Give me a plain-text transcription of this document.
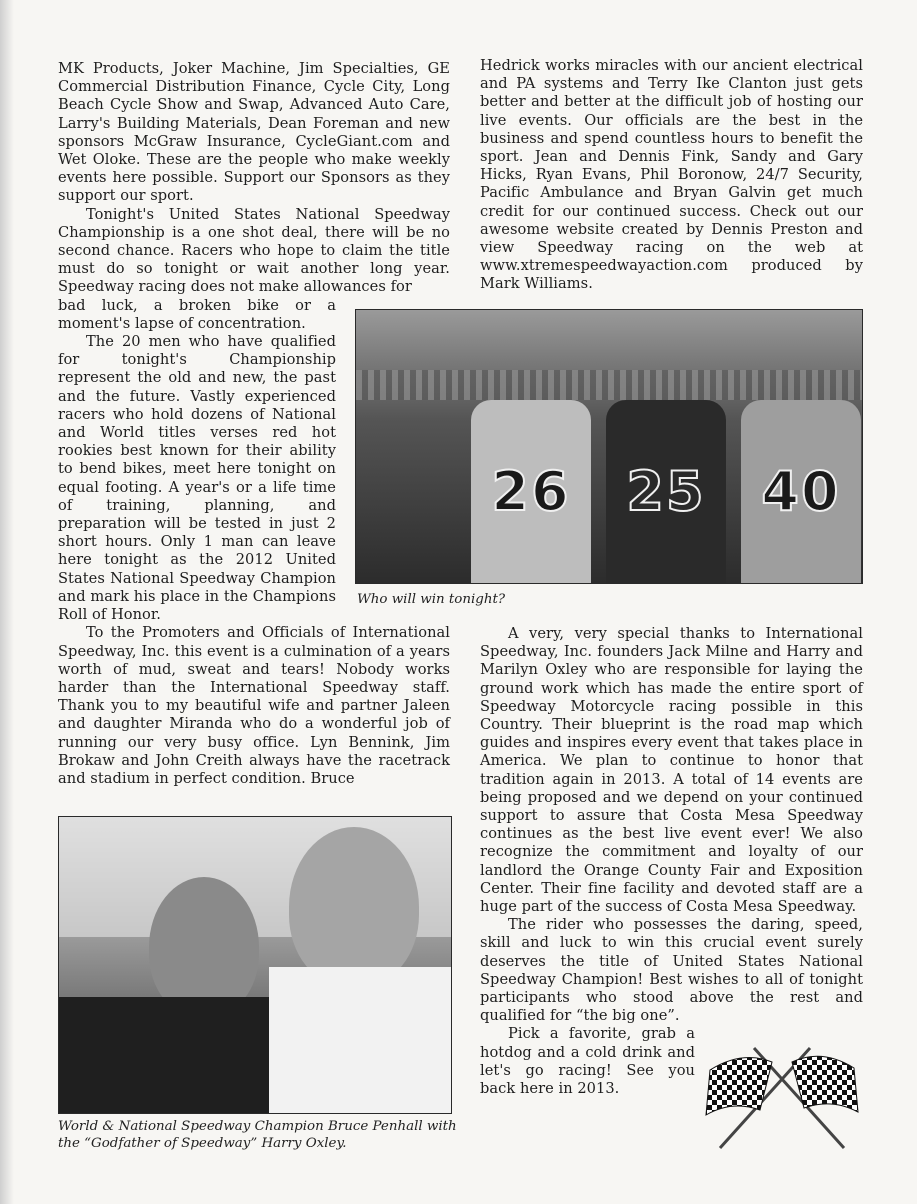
MK Products, Joker Machine, Jim Specialties, GE Commercial Distribution Finance, Cycle City, Long Beach Cycle Show and Swap, Advanced Auto Care, Larry's Building Materials, Dean Foreman and new sponsors McGraw Insurance, CycleGiant.com and Wet Oloke. These are the people who make weekly events here possible. Support our Sponsors as they support our sport.

Tonight's United States National Speedway Championship is a one shot deal, there will be no second chance. Racers who hope to claim the title must do so tonight or wait another long year. Speedway racing does not make allowances for

bad luck, a broken bike or a moment's lapse of concentration.

The 20 men who have qualified for tonight's Championship represent the old and new, the past and the future. Vastly experienced racers who hold dozens of National and World titles verses red hot rookies best known for their ability to bend bikes, meet here tonight on equal footing. A year's or a life time of training, planning, and preparation will be tested in just 2 short hours. Only 1 man can leave here tonight as the 2012 United States National Speedway Champion and mark his place in the Champions Roll of Honor.

To the Promoters and Officials of International Speedway, Inc. this event is a culmination of a years worth of mud, sweat and tears! Nobody works harder than the International Speedway staff. Thank you to my beautiful wife and partner Jaleen and daughter Miranda who do a wonderful job of running our very busy office. Lyn Bennink, Jim Brokaw and John Creith always have the racetrack and stadium in perfect condition. Bruce

Hedrick works miracles with our ancient electrical and PA systems and Terry Ike Clanton just gets better and better at the difficult job of hosting our live events. Our officials are the best in the business and spend countless hours to benefit the sport. Jean and Dennis Fink, Sandy and Gary Hicks, Ryan Evans, Phil Boronow, 24/7 Security, Pacific Ambulance and Bryan Galvin get much credit for our continued success. Check out our awesome website created by Dennis Preston and view Speedway racing on the web at www.xtremespeedwayaction.com produced by Mark Williams.

26 25 40
Who will win tonight?

A very, very special thanks to International Speedway, Inc. founders Jack Milne and Harry and Marilyn Oxley who are responsible for laying the ground work which has made the entire sport of Speedway Motorcycle racing possible in this Country. Their blueprint is the road map which guides and inspires every event that takes place in America. We plan to continue to honor that tradition again in 2013. A total of 14 events are being proposed and we depend on your continued support to assure that Costa Mesa Speedway continues as the best live event ever! We also recognize the commitment and loyalty of our landlord the Orange County Fair and Exposition Center. Their fine facility and devoted staff are a huge part of the success of Costa Mesa Speedway.

The rider who possesses the daring, speed, skill and luck to win this crucial event surely deserves the title of United States National Speedway Champion! Best wishes to all of tonight participants who stood above the rest and qualified for “the big one”.

Pick a favorite, grab a hotdog and a cold drink and let's go racing! See you back here in 2013.

World & National Speedway Champion Bruce Penhall with the “Godfather of Speedway” Harry Oxley.
